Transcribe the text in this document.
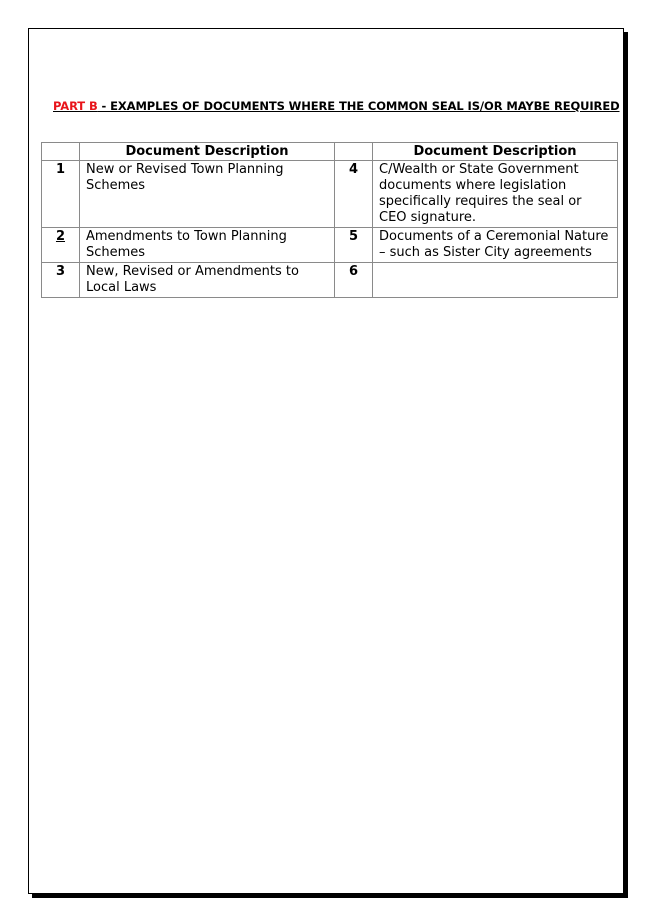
PART B - EXAMPLES OF DOCUMENTS WHERE THE COMMON SEAL IS/OR MAYBE REQUIRED
	Document Description		Document Description
1	New or Revised Town Planning Schemes	4	C/Wealth or State Government documents where legislation specifically requires the seal or CEO signature.
2	Amendments to Town Planning Schemes	5	Documents of a Ceremonial Nature – such as Sister City agreements
3	New, Revised or Amendments to Local Laws	6	
